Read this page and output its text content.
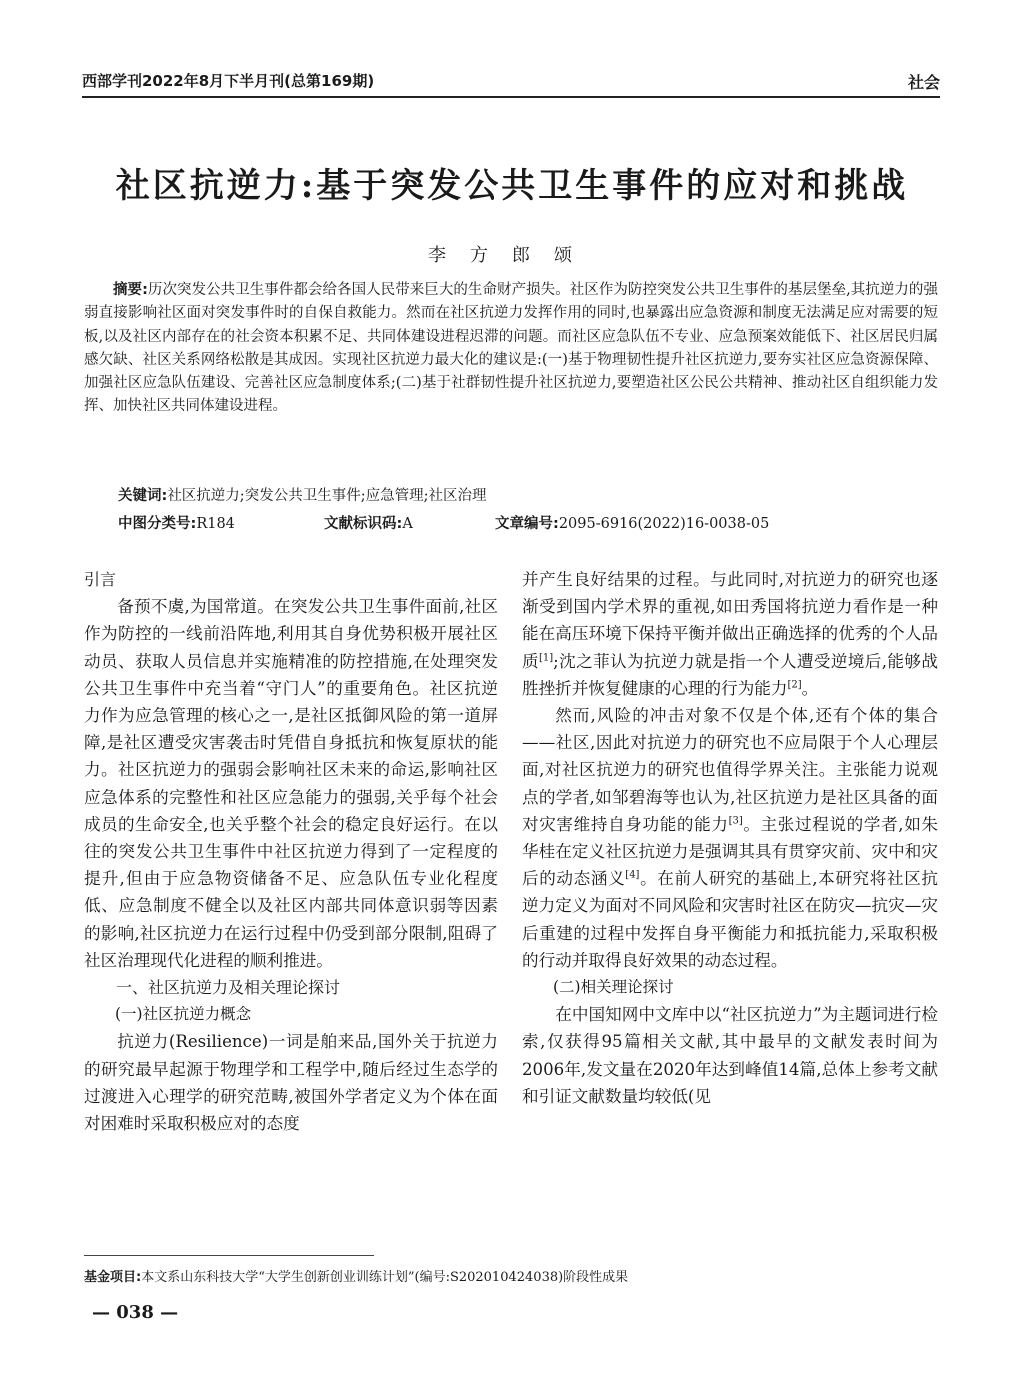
西部学刊2022年8月下半月刊(总第169期)	社会
社区抗逆力:基于突发公共卫生事件的应对和挑战
李方郎颂
摘要:历次突发公共卫生事件都会给各国人民带来巨大的生命财产损失。社区作为防控突发公共卫生事件的基层堡垒,其抗逆力的强弱直接影响社区面对突发事件时的自保自救能力。然而在社区抗逆力发挥作用的同时,也暴露出应急资源和制度无法满足应对需要的短板,以及社区内部存在的社会资本积累不足、共同体建设进程迟滞的问题。而社区应急队伍不专业、应急预案效能低下、社区居民归属感欠缺、社区关系网络松散是其成因。实现社区抗逆力最大化的建议是:(一)基于物理韧性提升社区抗逆力,要夯实社区应急资源保障、加强社区应急队伍建设、完善社区应急制度体系;(二)基于社群韧性提升社区抗逆力,要塑造社区公民公共精神、推动社区自组织能力发挥、加快社区共同体建设进程。
关键词:社区抗逆力;突发公共卫生事件;应急管理;社区治理
中图分类号:R184	文献标识码:A	文章编号:2095-6916(2022)16-0038-05

引言

备预不虞,为国常道。在突发公共卫生事件面前,社区作为防控的一线前沿阵地,利用其自身优势积极开展社区动员、获取人员信息并实施精准的防控措施,在处理突发公共卫生事件中充当着“守门人”的重要角色。社区抗逆力作为应急管理的核心之一,是社区抵御风险的第一道屏障,是社区遭受灾害袭击时凭借自身抵抗和恢复原状的能力。社区抗逆力的强弱会影响社区未来的命运,影响社区应急体系的完整性和社区应急能力的强弱,关乎每个社会成员的生命安全,也关乎整个社会的稳定良好运行。在以往的突发公共卫生事件中社区抗逆力得到了一定程度的提升,但由于应急物资储备不足、应急队伍专业化程度低、应急制度不健全以及社区内部共同体意识弱等因素的影响,社区抗逆力在运行过程中仍受到部分限制,阻碍了社区治理现代化进程的顺利推进。

一、社区抗逆力及相关理论探讨

(一)社区抗逆力概念

抗逆力(Resilience)一词是舶来品,国外关于抗逆力的研究最早起源于物理学和工程学中,随后经过生态学的过渡进入心理学的研究范畴,被国外学者定义为个体在面对困难时采取积极应对的态度

并产生良好结果的过程。与此同时,对抗逆力的研究也逐渐受到国内学术界的重视,如田秀国将抗逆力看作是一种能在高压环境下保持平衡并做出正确选择的优秀的个人品质[1];沈之菲认为抗逆力就是指一个人遭受逆境后,能够战胜挫折并恢复健康的心理的行为能力[2]。

然而,风险的冲击对象不仅是个体,还有个体的集合——社区,因此对抗逆力的研究也不应局限于个人心理层面,对社区抗逆力的研究也值得学界关注。主张能力说观点的学者,如邹碧海等也认为,社区抗逆力是社区具备的面对灾害维持自身功能的能力[3]。主张过程说的学者,如朱华桂在定义社区抗逆力是强调其具有贯穿灾前、灾中和灾后的动态涵义[4]。在前人研究的基础上,本研究将社区抗逆力定义为面对不同风险和灾害时社区在防灾—抗灾—灾后重建的过程中发挥自身平衡能力和抵抗能力,采取积极的行动并取得良好效果的动态过程。

(二)相关理论探讨

在中国知网中文库中以“社区抗逆力”为主题词进行检索,仅获得95篇相关文献,其中最早的文献发表时间为2006年,发文量在2020年达到峰值14篇,总体上参考文献和引证文献数量均较低(见

基金项目:本文系山东科技大学“大学生创新创业训练计划”(编号:S202010424038)阶段性成果
— 038 —
